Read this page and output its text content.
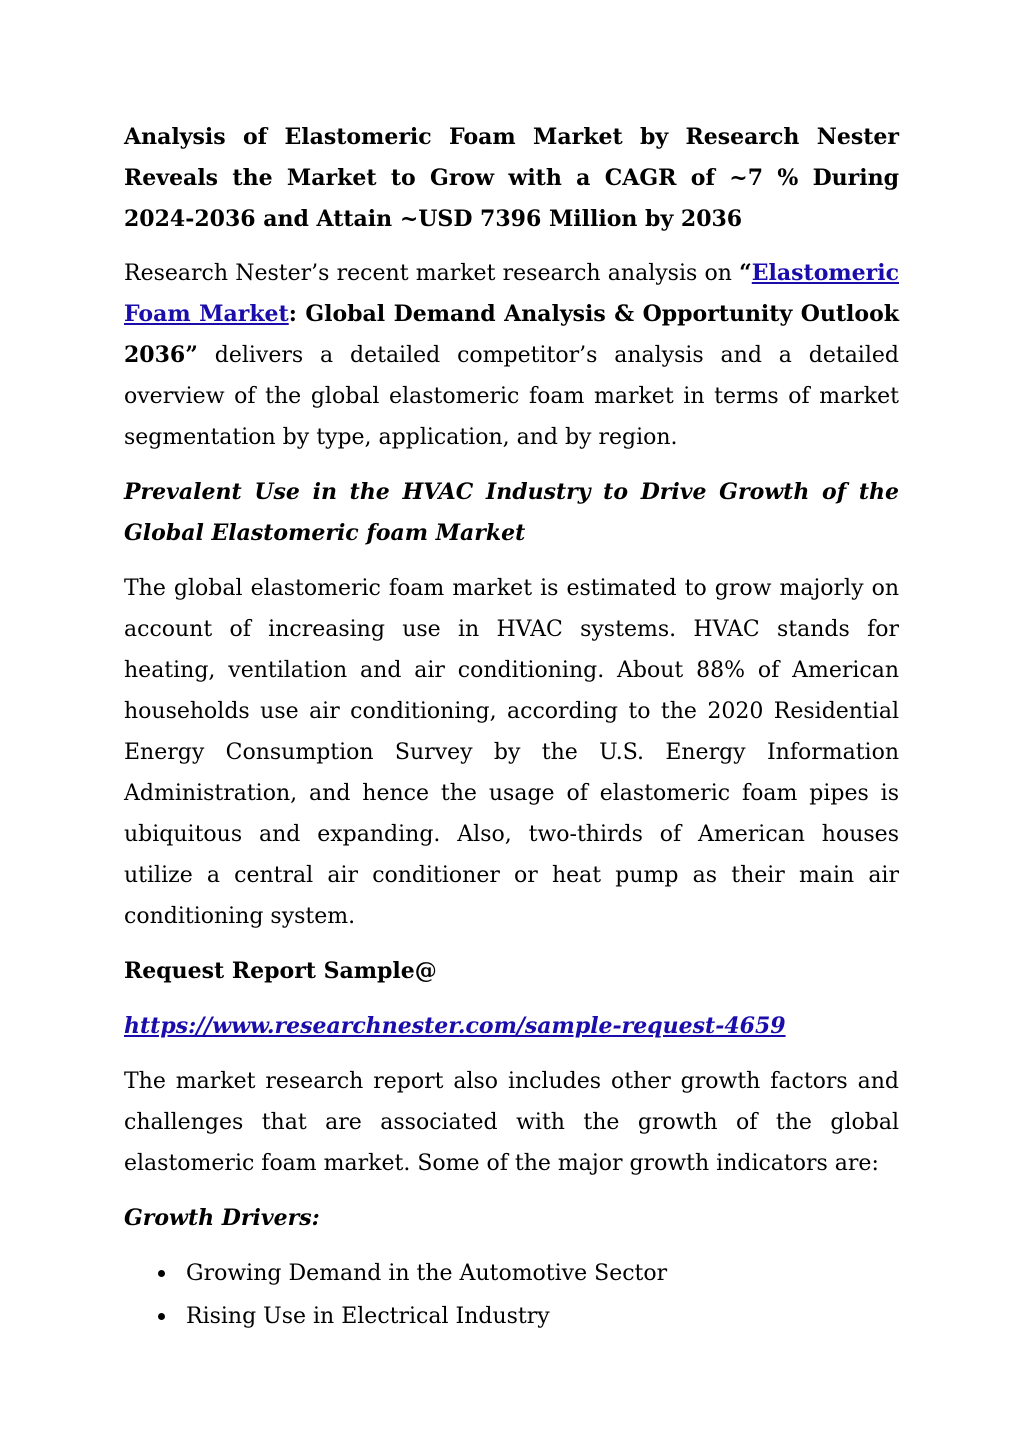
Analysis of Elastomeric Foam Market by Research Nester Reveals the Market to Grow with a CAGR of ~7 % During 2024-2036 and Attain ~USD 7396 Million by 2036

Research Nester’s recent market research analysis on “Elastomeric Foam Market: Global Demand Analysis & Opportunity Outlook 2036” delivers a detailed competitor’s analysis and a detailed overview of the global elastomeric foam market in terms of market segmentation by type, application, and by region.

Prevalent Use in the HVAC Industry to Drive Growth of the Global Elastomeric foam Market

The global elastomeric foam market is estimated to grow majorly on account of increasing use in HVAC systems. HVAC stands for heating, ventilation and air conditioning. About 88% of American households use air conditioning, according to the 2020 Residential Energy Consumption Survey by the U.S. Energy Information Administration, and hence the usage of elastomeric foam pipes is ubiquitous and expanding. Also, two-thirds of American houses utilize a central air conditioner or heat pump as their main air conditioning system.

Request Report Sample@

https://www.researchnester.com/sample-request-4659

The market research report also includes other growth factors and challenges that are associated with the growth of the global elastomeric foam market. Some of the major growth indicators are:

Growth Drivers:

Growing Demand in the Automotive Sector
Rising Use in Electrical Industry
